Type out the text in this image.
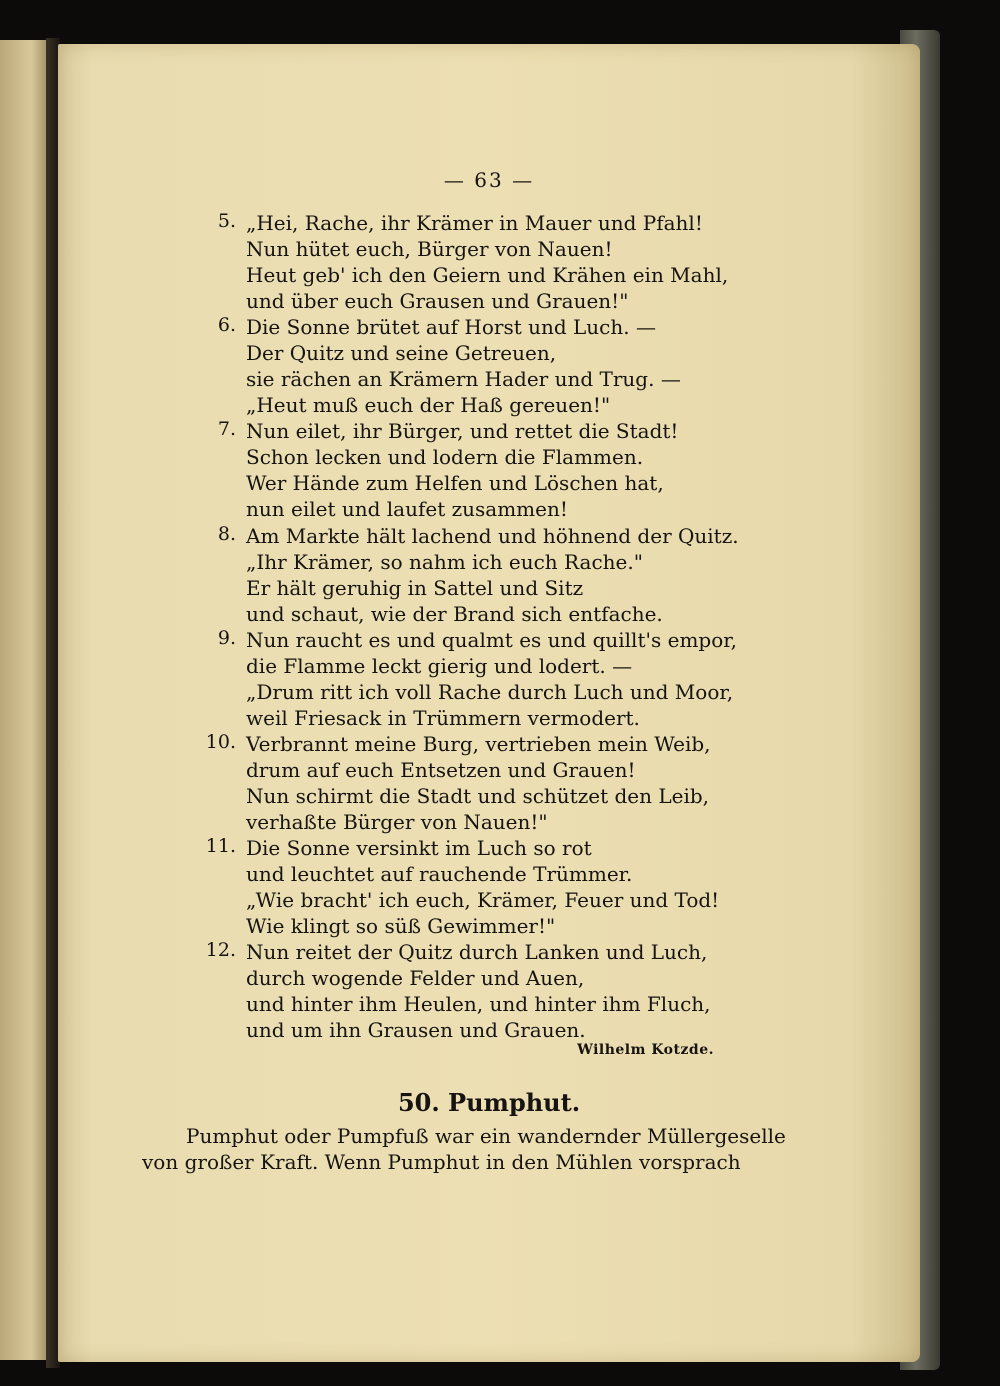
— 63 —
5. „Hei, Rache, ihr Krämer in Mauer und Pfahl!
Nun hütet euch, Bürger von Nauen!
Heut geb' ich den Geiern und Krähen ein Mahl,
und über euch Grausen und Grauen!"
6. Die Sonne brütet auf Horst und Luch. —
Der Quitz und seine Getreuen,
sie rächen an Krämern Hader und Trug. —
„Heut muß euch der Haß gereuen!"
7. Nun eilet, ihr Bürger, und rettet die Stadt!
Schon lecken und lodern die Flammen.
Wer Hände zum Helfen und Löschen hat,
nun eilet und laufet zusammen!
8. Am Markte hält lachend und höhnend der Quitz.
„Ihr Krämer, so nahm ich euch Rache."
Er hält geruhig in Sattel und Sitz
und schaut, wie der Brand sich entfache.
9. Nun raucht es und qualmt es und quillt's empor,
die Flamme leckt gierig und lodert. —
„Drum ritt ich voll Rache durch Luch und Moor,
weil Friesack in Trümmern vermodert.
10. Verbrannt meine Burg, vertrieben mein Weib,
drum auf euch Entsetzen und Grauen!
Nun schirmt die Stadt und schützet den Leib,
verhaßte Bürger von Nauen!"
11. Die Sonne versinkt im Luch so rot
und leuchtet auf rauchende Trümmer.
„Wie bracht' ich euch, Krämer, Feuer und Tod!
Wie klingt so süß Gewimmer!"
12. Nun reitet der Quitz durch Lanken und Luch,
durch wogende Felder und Auen,
und hinter ihm Heulen, und hinter ihm Fluch,
und um ihn Grausen und Grauen.
Wilhelm Kotzde.
50. Pumphut.
Pumphut oder Pumpfuß war ein wandernder Müllergeselle
von großer Kraft. Wenn Pumphut in den Mühlen vorsprach
